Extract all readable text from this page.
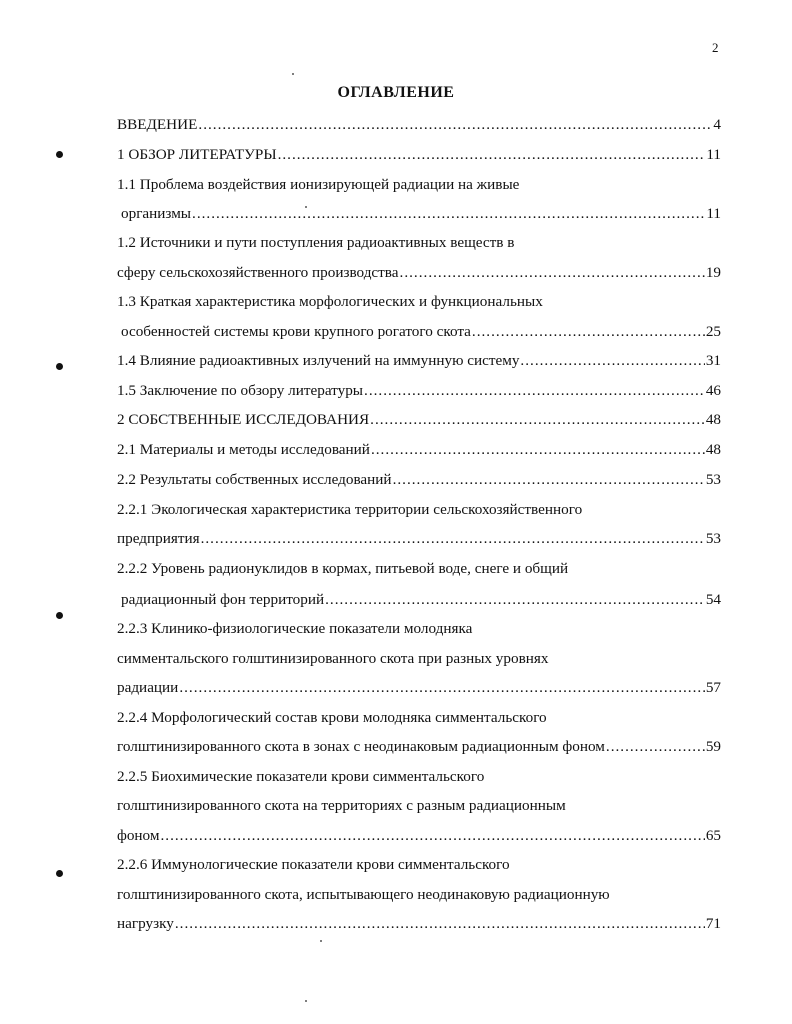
2
ОГЛАВЛЕНИЕ
ВВЕДЕНИЕ .....	4
1 ОБЗОР ЛИТЕРАТУРЫ .....	11
1.1 Проблема воздействия ионизирующей радиации на живые
организмы .....	11
1.2 Источники и пути поступления радиоактивных веществ в
сферу сельскохозяйственного производства .....	19
1.3 Краткая характеристика морфологических и функциональных
особенностей системы крови крупного рогатого скота .....	25
1.4 Влияние радиоактивных излучений на иммунную систему .....	31
1.5 Заключение по обзору литературы .....	46
2 СОБСТВЕННЫЕ ИССЛЕДОВАНИЯ .....	48
2.1 Материалы и методы исследований .....	48
2.2 Результаты собственных исследований .....	53
2.2.1 Экологическая характеристика территории сельскохозяйственного
предприятия .....	53
2.2.2 Уровень радионуклидов в кормах, питьевой воде, снеге и общий
радиационный фон территорий .....	54
2.2.3 Клинико-физиологические показатели молодняка
симментальского голштинизированного скота при разных уровнях
радиации .....	57
2.2.4 Морфологический состав крови молодняка симментальского
голштинизированного скота в зонах с неодинаковым радиационным фоном .....	59
2.2.5 Биохимические показатели крови симментальского
голштинизированного скота на территориях с разным радиационным
фоном .....	65
2.2.6 Иммунологические показатели крови симментальского
голштинизированного скота, испытывающего неодинаковую радиационную
нагрузку .....	71
